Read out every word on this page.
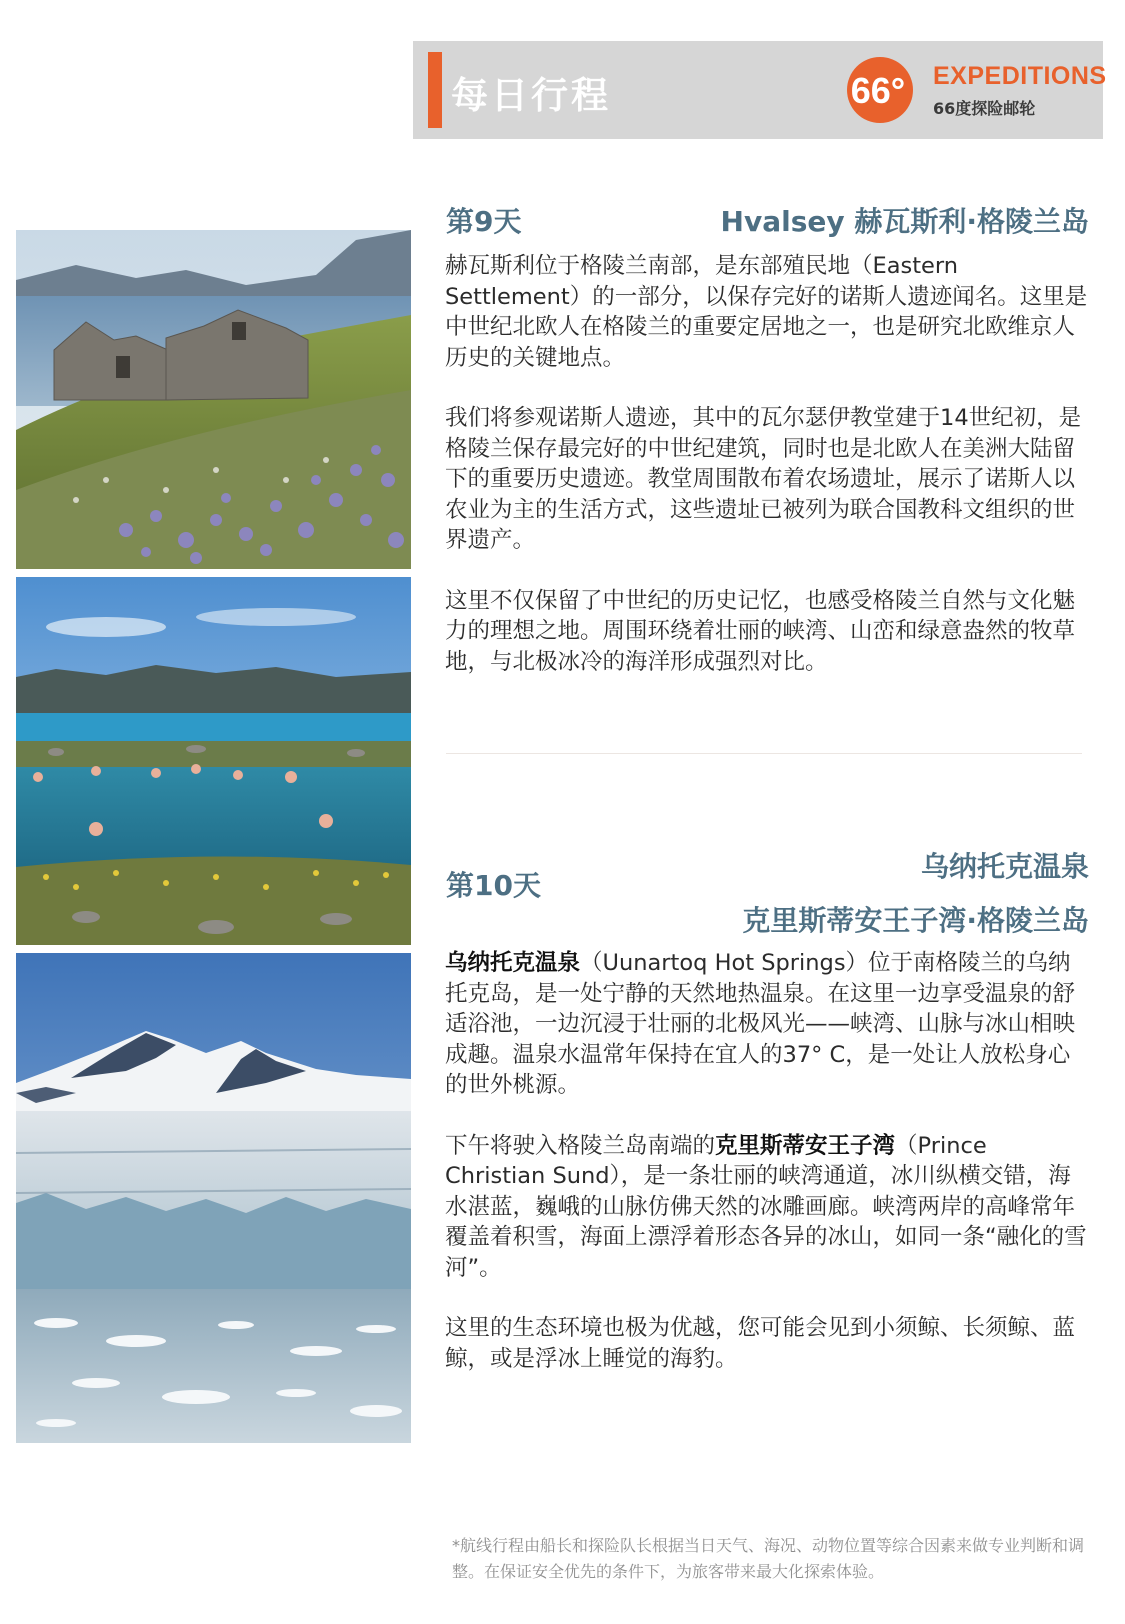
每日行程	66° EXPEDITIONS
66度探险邮轮
第9天	Hvalsey 赫瓦斯利·格陵兰岛

赫瓦斯利位于格陵兰南部，是东部殖民地（Eastern Settlement）的一部分，以保存完好的诺斯人遗迹闻名。这里是中世纪北欧人在格陵兰的重要定居地之一，也是研究北欧维京人历史的关键地点。

我们将参观诺斯人遗迹，其中的瓦尔瑟伊教堂建于14世纪初，是格陵兰保存最完好的中世纪建筑，同时也是北欧人在美洲大陆留下的重要历史遗迹。教堂周围散布着农场遗址，展示了诺斯人以农业为主的生活方式，这些遗址已被列为联合国教科文组织的世界遗产。

这里不仅保留了中世纪的历史记忆，也感受格陵兰自然与文化魅力的理想之地。周围环绕着壮丽的峡湾、山峦和绿意盎然的牧草地，与北极冰冷的海洋形成强烈对比。

第10天
乌纳托克温泉
克里斯蒂安王子湾·格陵兰岛

乌纳托克温泉（Uunartoq Hot Springs）位于南格陵兰的乌纳托克岛，是一处宁静的天然地热温泉。在这里一边享受温泉的舒适浴池，一边沉浸于壮丽的北极风光——峡湾、山脉与冰山相映成趣。温泉水温常年保持在宜人的37° C，是一处让人放松身心的世外桃源。

下午将驶入格陵兰岛南端的克里斯蒂安王子湾（Prince Christian Sund），是一条壮丽的峡湾通道，冰川纵横交错，海水湛蓝，巍峨的山脉仿佛天然的冰雕画廊。峡湾两岸的高峰常年覆盖着积雪，海面上漂浮着形态各异的冰山，如同一条“融化的雪河”。

这里的生态环境也极为优越，您可能会见到小须鲸、长须鲸、蓝鲸，或是浮冰上睡觉的海豹。

*航线行程由船长和探险队长根据当日天气、海况、动物位置等综合因素来做专业判断和调整。在保证安全优先的条件下，为旅客带来最大化探索体验。
